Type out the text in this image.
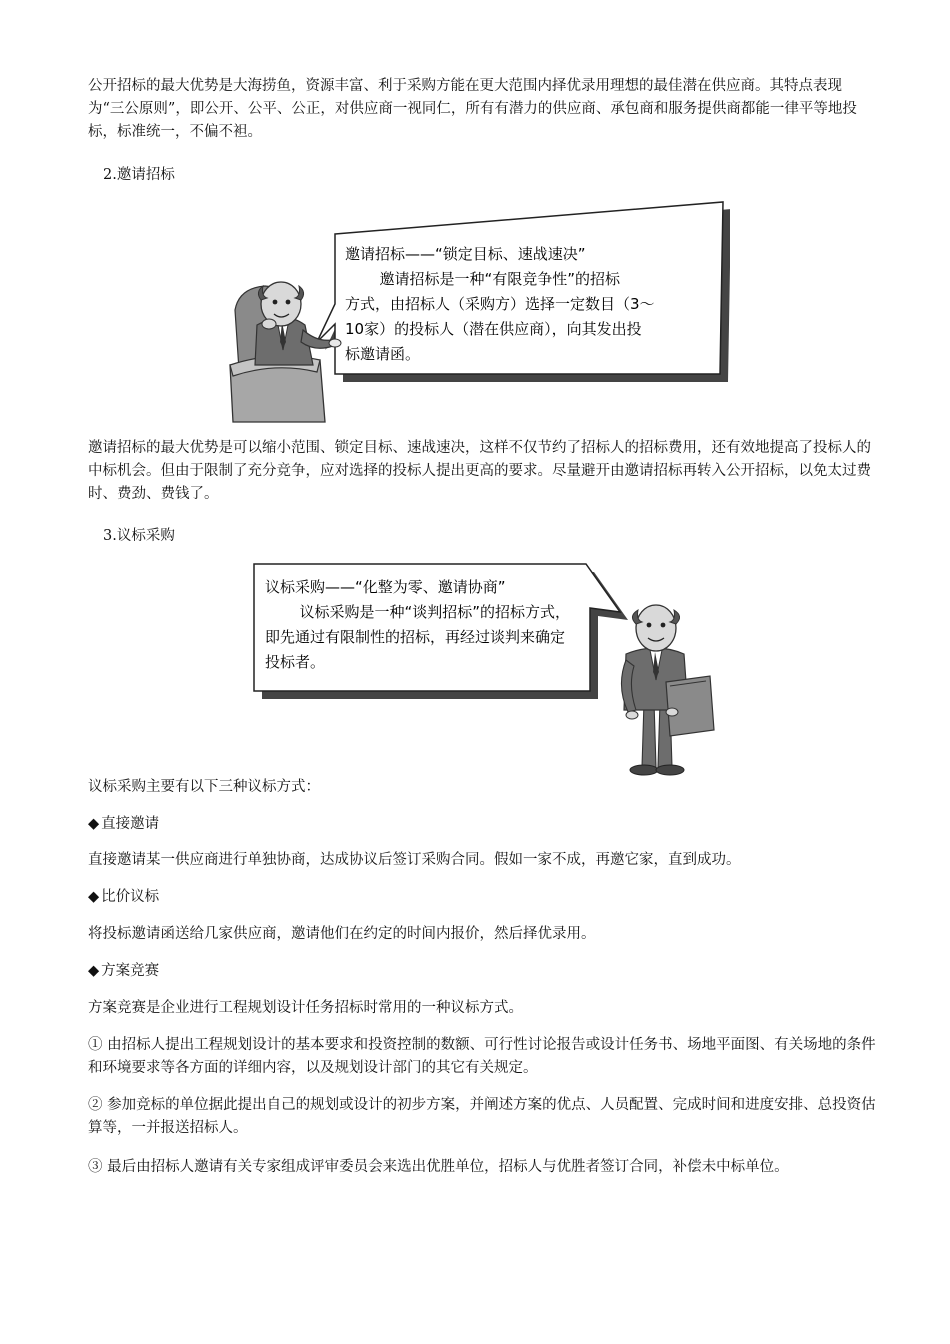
公开招标的最大优势是大海捞鱼，资源丰富、利于采购方能在更大范围内择优录用理想的最佳潜在供应商。其特点表现为“三公原则”，即公开、公平、公正，对供应商一视同仁，所有有潜力的供应商、承包商和服务提供商都能一律平等地投标，标准统一，不偏不袒。

2.邀请招标

邀请招标——“锁定目标、速战速决”
邀请招标是一种“有限竞争性”的招标
方式，由招标人（采购方）选择一定数目（3～
10家）的投标人（潜在供应商），向其发出投
标邀请函。

邀请招标的最大优势是可以缩小范围、锁定目标、速战速决，这样不仅节约了招标人的招标费用，还有效地提高了投标人的中标机会。但由于限制了充分竞争，应对选择的投标人提出更高的要求。尽量避开由邀请招标再转入公开招标，以免太过费时、费劲、费钱了。

3.议标采购

议标采购——“化整为零、邀请协商”
议标采购是一种“谈判招标”的招标方式，
即先通过有限制性的招标，再经过谈判来确定
投标者。

议标采购主要有以下三种议标方式：

◆ 直接邀请

直接邀请某一供应商进行单独协商，达成协议后签订采购合同。假如一家不成，再邀它家，直到成功。

◆ 比价议标

将投标邀请函送给几家供应商，邀请他们在约定的时间内报价，然后择优录用。

◆ 方案竞赛

方案竞赛是企业进行工程规划设计任务招标时常用的一种议标方式。

① 由招标人提出工程规划设计的基本要求和投资控制的数额、可行性讨论报告或设计任务书、场地平面图、有关场地的条件和环境要求等各方面的详细内容，以及规划设计部门的其它有关规定。

② 参加竞标的单位据此提出自己的规划或设计的初步方案，并阐述方案的优点、人员配置、完成时间和进度安排、总投资估算等，一并报送招标人。

③ 最后由招标人邀请有关专家组成评审委员会来选出优胜单位，招标人与优胜者签订合同，补偿未中标单位。
